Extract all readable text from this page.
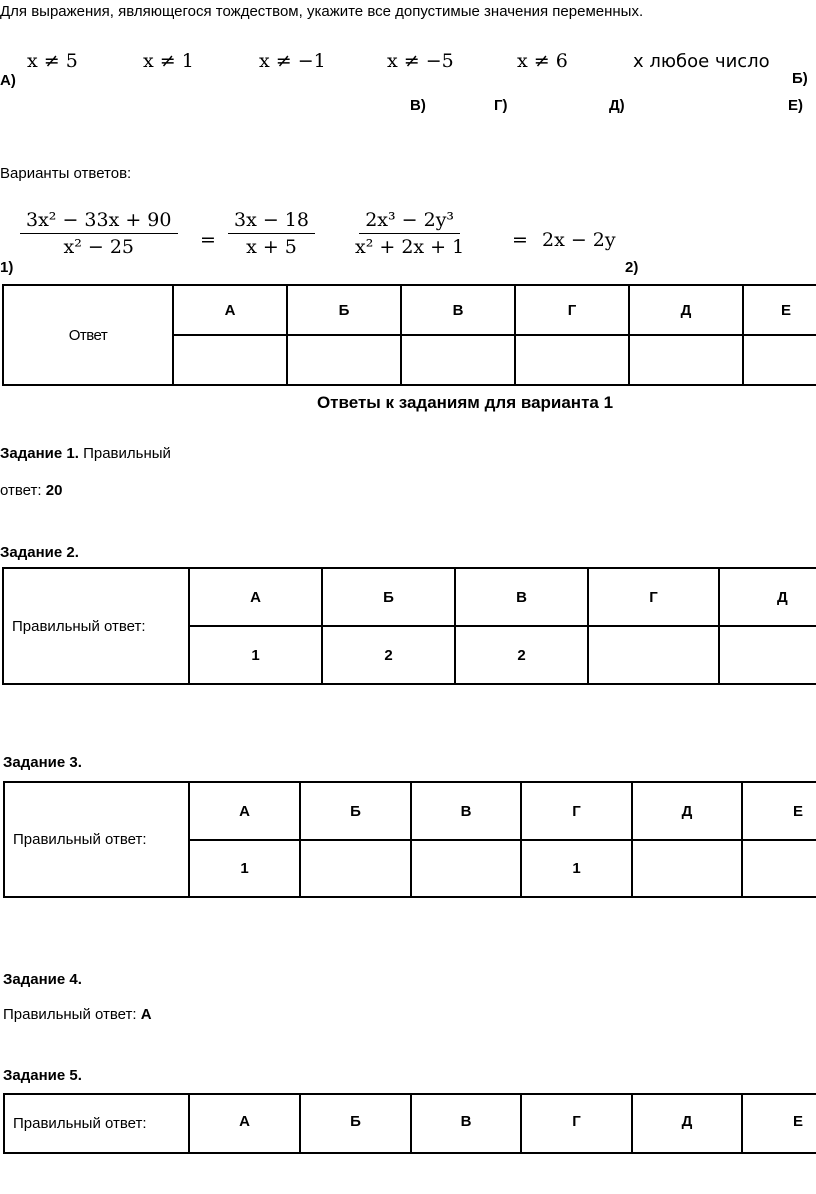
Для выражения, являющегося тождеством, укажите все допустимые значения переменных.
x ≠ 5	x ≠ 1	x ≠ −1	x ≠ −5	x ≠ 6	x любое число
А)	Б)
В)	Г)	Д)	Е)
Варианты ответов:
$\frac{\text{3x² − 33x + 90}}{\text{x² − 25}} = \frac{3x - 18}{x + 5}$
1)
$\frac{\text{2x³ − 2y³}}{\text{x² + 2x + 1}} = 2x - 2y$
2)
Ответ	А	Б	В	Г	Д	Е

Ответы к заданиям для варианта 1
Задание 1. Правильный
ответ: 20
Задание 2.
Правильный ответ:	А	Б	В	Г	Д
	1	2	2		
Задание 3.
Правильный ответ:	А	Б	В	Г	Д	Е
	1			1		
Задание 4.
Правильный ответ: А
Задание 5.
Правильный ответ:	А	Б	В	Г	Д	Е
